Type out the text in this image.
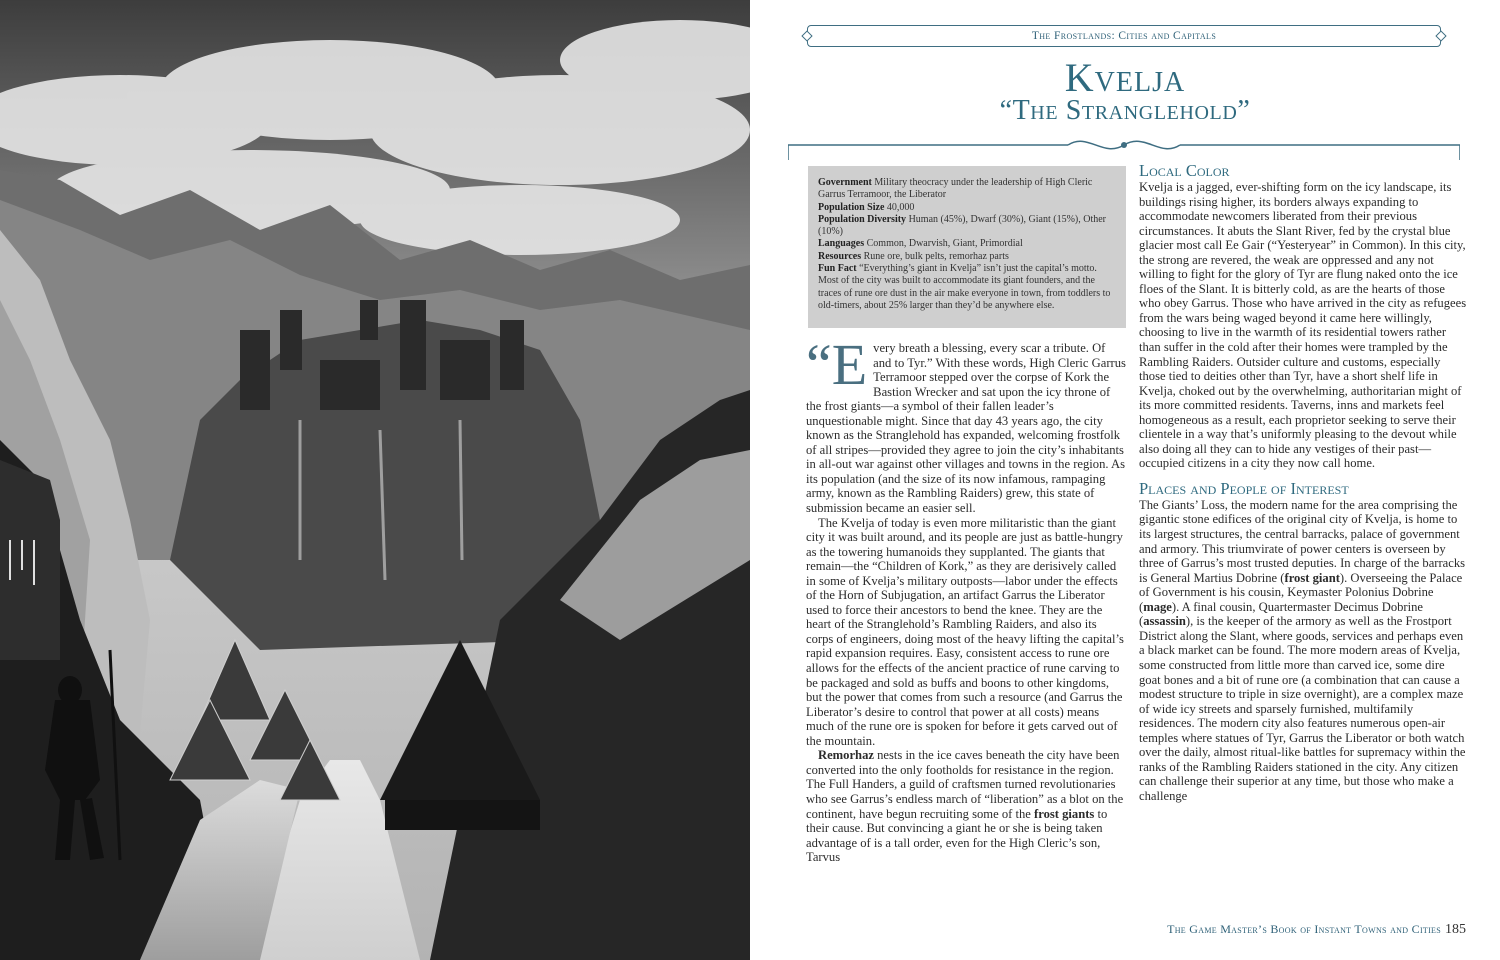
The Frostlands: Cities and Capitals
Kvelja
“The Stranglehold”

Government Military theocracy under the leadership of High Cleric Garrus Terramoor, the Liberator

Population Size 40,000

Population Diversity Human (45%), Dwarf (30%), Giant (15%), Other (10%)

Languages Common, Dwarvish, Giant, Primordial

Resources Rune ore, bulk pelts, remorhaz parts

Fun Fact “Everything’s giant in Kvelja” isn’t just the capital’s motto. Most of the city was built to accommodate its giant founders, and the traces of rune ore dust in the air make everyone in town, from toddlers to old-timers, about 25% larger than they’d be anywhere else.

“Every breath a blessing, every scar a tribute. Of and to Tyr.” With these words, High Cleric Garrus Terramoor stepped over the corpse of Kork the Bastion Wrecker and sat upon the icy throne of the frost giants—a symbol of their fallen leader’s unquestionable might. Since that day 43 years ago, the city known as the Stranglehold has expanded, welcoming frostfolk of all stripes—provided they agree to join the city’s inhabitants in all-out war against other villages and towns in the region. As its population (and the size of its now infamous, rampaging army, known as the Rambling Raiders) grew, this state of submission became an easier sell.

The Kvelja of today is even more militaristic than the giant city it was built around, and its people are just as battle-hungry as the towering humanoids they supplanted. The giants that remain—the “Children of Kork,” as they are derisively called in some of Kvelja’s military outposts—labor under the effects of the Horn of Subjugation, an artifact Garrus the Liberator used to force their ancestors to bend the knee. They are the heart of the Stranglehold’s Rambling Raiders, and also its corps of engineers, doing most of the heavy lifting the capital’s rapid expansion requires. Easy, consistent access to rune ore allows for the effects of the ancient practice of rune carving to be packaged and sold as buffs and boons to other kingdoms, but the power that comes from such a resource (and Garrus the Liberator’s desire to control that power at all costs) means much of the rune ore is spoken for before it gets carved out of the mountain.

Remorhaz nests in the ice caves beneath the city have been converted into the only footholds for resistance in the region. The Full Handers, a guild of craftsmen turned revolutionaries who see Garrus’s endless march of “liberation” as a blot on the continent, have begun recruiting some of the frost giants to their cause. But convincing a giant he or she is being taken advantage of is a tall order, even for the High Cleric’s son, Tarvus

Local Color

Kvelja is a jagged, ever-shifting form on the icy landscape, its buildings rising higher, its borders always expanding to accommodate newcomers liberated from their previous circumstances. It abuts the Slant River, fed by the crystal blue glacier most call Ee Gair (“Yesteryear” in Common). In this city, the strong are revered, the weak are oppressed and any not willing to fight for the glory of Tyr are flung naked onto the ice floes of the Slant. It is bitterly cold, as are the hearts of those who obey Garrus. Those who have arrived in the city as refugees from the wars being waged beyond it came here willingly, choosing to live in the warmth of its residential towers rather than suffer in the cold after their homes were trampled by the Rambling Raiders. Outsider culture and customs, especially those tied to deities other than Tyr, have a short shelf life in Kvelja, choked out by the overwhelming, authoritarian might of its more committed residents. Taverns, inns and markets feel homogeneous as a result, each proprietor seeking to serve their clientele in a way that’s uniformly pleasing to the devout while also doing all they can to hide any vestiges of their past—occupied citizens in a city they now call home.

Places and People of Interest

The Giants’ Loss, the modern name for the area comprising the gigantic stone edifices of the original city of Kvelja, is home to its largest structures, the central barracks, palace of government and armory. This triumvirate of power centers is overseen by three of Garrus’s most trusted deputies. In charge of the barracks is General Martius Dobrine (frost giant). Overseeing the Palace of Government is his cousin, Keymaster Polonius Dobrine (mage). A final cousin, Quartermaster Decimus Dobrine (assassin), is the keeper of the armory as well as the Frostport District along the Slant, where goods, services and perhaps even a black market can be found. The more modern areas of Kvelja, some constructed from little more than carved ice, some dire goat bones and a bit of rune ore (a combination that can cause a modest structure to triple in size overnight), are a complex maze of wide icy streets and sparsely furnished, multifamily residences. The modern city also features numerous open-air temples where statues of Tyr, Garrus the Liberator or both watch over the daily, almost ritual-like battles for supremacy within the ranks of the Rambling Raiders stationed in the city. Any citizen can challenge their superior at any time, but those who make a challenge

The Game Master’s Book of Instant Towns and Cities 185
